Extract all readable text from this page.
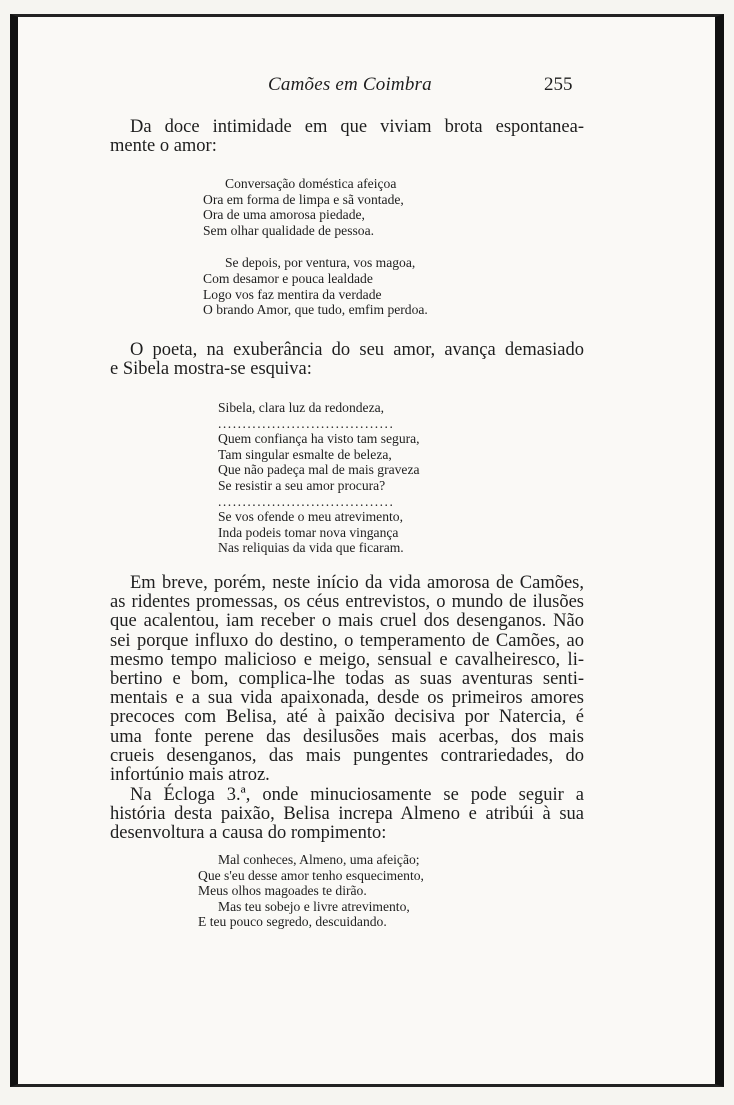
Camões em Coimbra	255
Da doce intimidade em que viviam brota espontanea-
mente o amor:
Conversação doméstica afeiçoa
Ora em forma de limpa e sã vontade,
Ora de uma amorosa piedade,
Sem olhar qualidade de pessoa.
Se depois, por ventura, vos magoa,
Com desamor e pouca lealdade
Logo vos faz mentira da verdade
O brando Amor, que tudo, emfim perdoa.
O poeta, na exuberância do seu amor, avança demasiado
e Sibela mostra-se esquiva:
Sibela, clara luz da redondeza,
....................................
Quem confiança ha visto tam segura,
Tam singular esmalte de beleza,
Que não padeça mal de mais graveza
Se resistir a seu amor procura?
....................................
Se vos ofende o meu atrevimento,
Inda podeis tomar nova vingança
Nas reliquias da vida que ficaram.
Em breve, porém, neste início da vida amorosa de Camões,
as ridentes promessas, os céus entrevistos, o mundo de ilusões
que acalentou, iam receber o mais cruel dos desenganos. Não
sei porque influxo do destino, o temperamento de Camões, ao
mesmo tempo malicioso e meigo, sensual e cavalheiresco, li-
bertino e bom, complica-lhe todas as suas aventuras senti-
mentais e a sua vida apaixonada, desde os primeiros amores
precoces com Belisa, até à paixão decisiva por Natercia, é
uma fonte perene das desilusões mais acerbas, dos mais
crueis desenganos, das mais pungentes contrariedades, do
infortúnio mais atroz.
Na Écloga 3.ª, onde minuciosamente se pode seguir a
história desta paixão, Belisa increpa Almeno e atribúi à sua
desenvoltura a causa do rompimento:
Mal conheces, Almeno, uma afeição;
Que s'eu desse amor tenho esquecimento,
Meus olhos magoades te dirão.
Mas teu sobejo e livre atrevimento,
E teu pouco segredo, descuidando.
